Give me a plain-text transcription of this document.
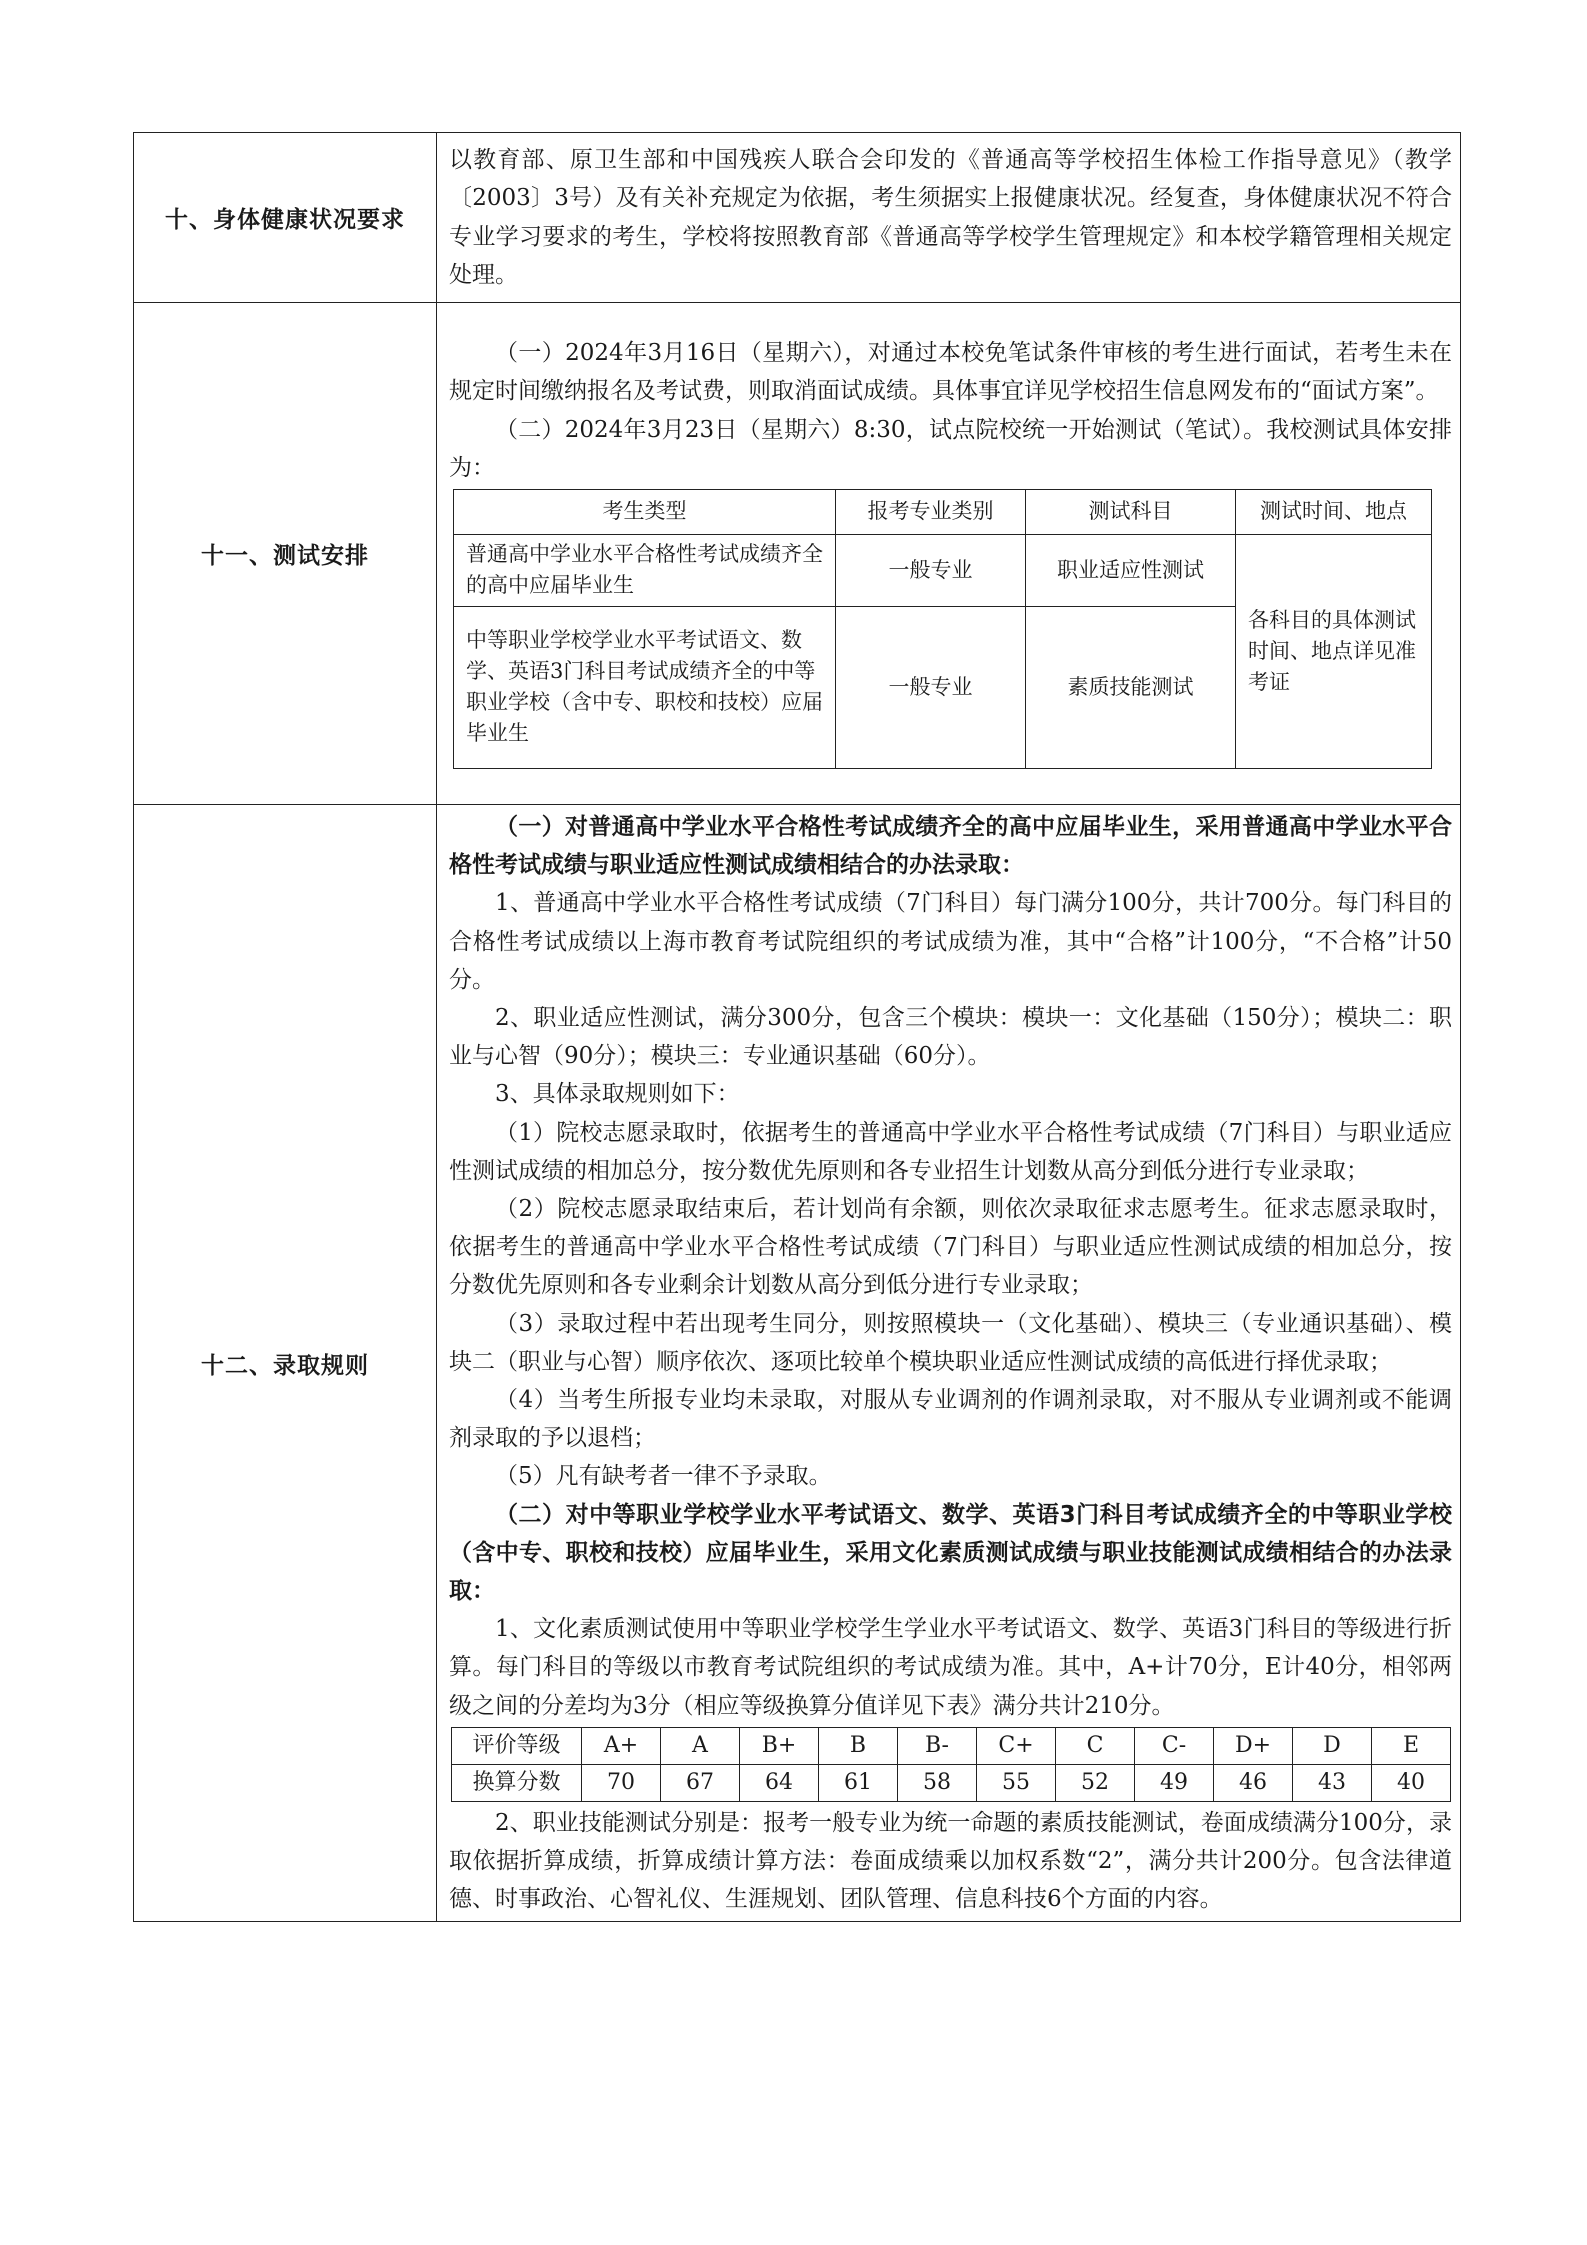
十、身体健康状况要求	

以教育部、原卫生部和中国残疾人联合会印发的《普通高等学校招生体检工作指导意见》（教学〔2003〕3号）及有关补充规定为依据，考生须据实上报健康状况。经复查，身体健康状况不符合专业学习要求的考生，学校将按照教育部《普通高等学校学生管理规定》和本校学籍管理相关规定处理。

十一、测试安排	

（一）2024年3月16日（星期六），对通过本校免笔试条件审核的考生进行面试，若考生未在规定时间缴纳报名及考试费，则取消面试成绩。具体事宜详见学校招生信息网发布的“面试方案”。

（二）2024年3月23日（星期六）8:30，试点院校统一开始测试（笔试）。我校测试具体安排为：

考生类型	报考专业类别	测试科目	测试时间、地点
普通高中学业水平合格性考试成绩齐全的高中应届毕业生	一般专业	职业适应性测试	各科目的具体测试时间、地点详见准考证
中等职业学校学业水平考试语文、数学、英语3门科目考试成绩齐全的中等职业学校（含中专、职校和技校）应届毕业生	一般专业	素质技能测试

十二、录取规则	

（一）对普通高中学业水平合格性考试成绩齐全的高中应届毕业生，采用普通高中学业水平合格性考试成绩与职业适应性测试成绩相结合的办法录取：

1、普通高中学业水平合格性考试成绩（7门科目）每门满分100分，共计700分。每门科目的合格性考试成绩以上海市教育考试院组织的考试成绩为准，其中“合格”计100分，“不合格”计50分。

2、职业适应性测试，满分300分，包含三个模块：模块一：文化基础（150分）；模块二：职业与心智（90分）；模块三：专业通识基础（60分）。

3、具体录取规则如下：

（1）院校志愿录取时，依据考生的普通高中学业水平合格性考试成绩（7门科目）与职业适应性测试成绩的相加总分，按分数优先原则和各专业招生计划数从高分到低分进行专业录取；

（2）院校志愿录取结束后，若计划尚有余额，则依次录取征求志愿考生。征求志愿录取时，依据考生的普通高中学业水平合格性考试成绩（7门科目）与职业适应性测试成绩的相加总分，按分数优先原则和各专业剩余计划数从高分到低分进行专业录取；

（3）录取过程中若出现考生同分，则按照模块一（文化基础）、模块三（专业通识基础）、模块二（职业与心智）顺序依次、逐项比较单个模块职业适应性测试成绩的高低进行择优录取；

（4）当考生所报专业均未录取，对服从专业调剂的作调剂录取，对不服从专业调剂或不能调剂录取的予以退档；

（5）凡有缺考者一律不予录取。

（二）对中等职业学校学业水平考试语文、数学、英语3门科目考试成绩齐全的中等职业学校（含中专、职校和技校）应届毕业生，采用文化素质测试成绩与职业技能测试成绩相结合的办法录取：

1、文化素质测试使用中等职业学校学生学业水平考试语文、数学、英语3门科目的等级进行折算。每门科目的等级以市教育考试院组织的考试成绩为准。其中，A+计70分，E计40分，相邻两级之间的分差均为3分（相应等级换算分值详见下表》满分共计210分。

评价等级	A+	A	B+	B	B-	C+	C	C-	D+	D	E
换算分数	70	67	64	61	58	55	52	49	46	43	40

2、职业技能测试分别是：报考一般专业为统一命题的素质技能测试，卷面成绩满分100分，录取依据折算成绩，折算成绩计算方法：卷面成绩乘以加权系数“2”，满分共计200分。包含法律道德、时事政治、心智礼仪、生涯规划、团队管理、信息科技6个方面的内容。
